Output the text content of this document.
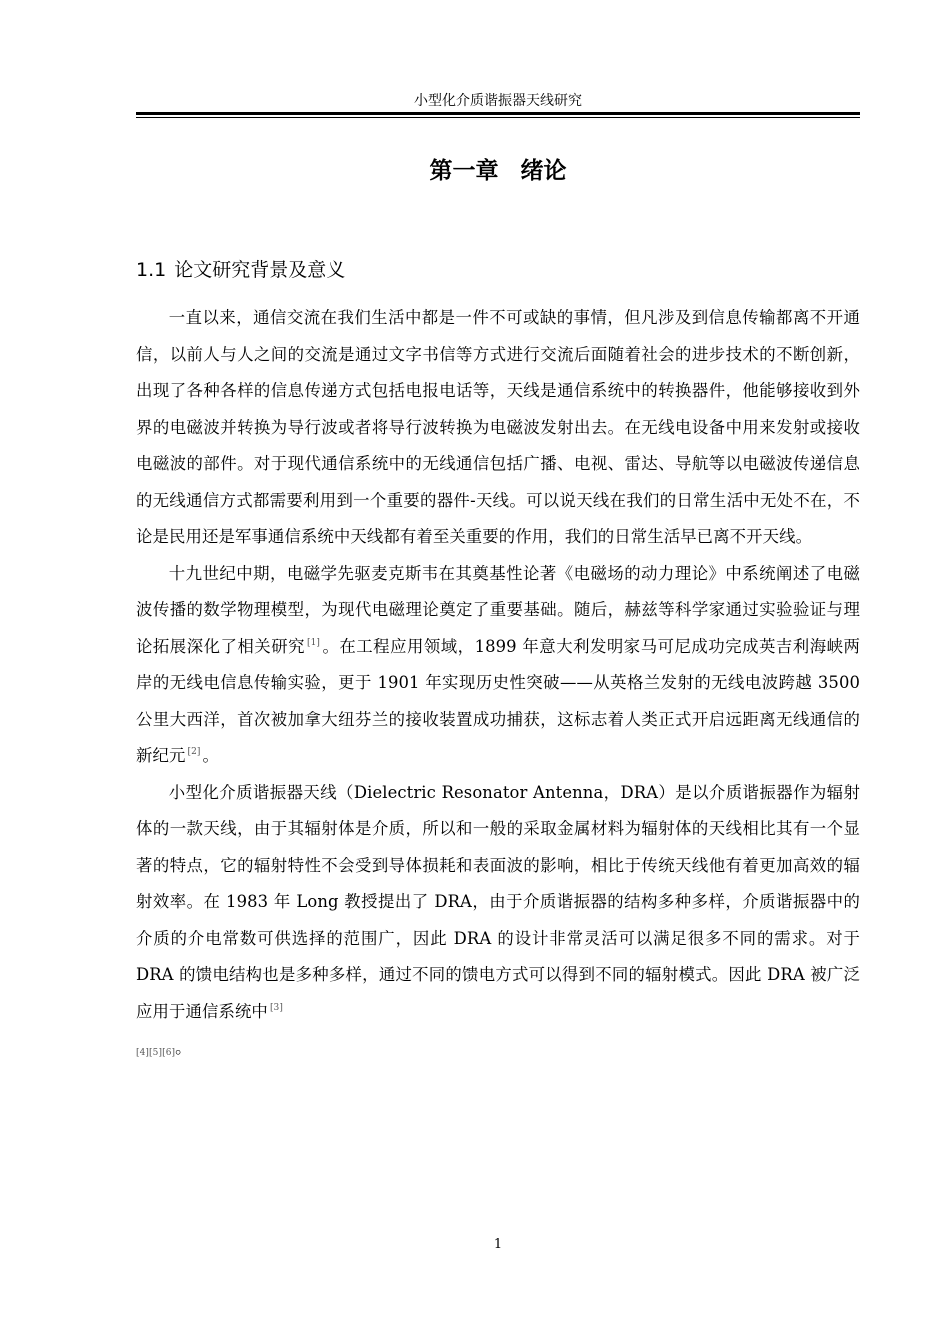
小型化介质谐振器天线研究
第一章 绪论
1.1 论文研究背景及意义

一直以来，通信交流在我们生活中都是一件不可或缺的事情，但凡涉及到信息传输都离不开通信，以前人与人之间的交流是通过文字书信等方式进行交流后面随着社会的进步技术的不断创新，出现了各种各样的信息传递方式包括电报电话等，天线是通信系统中的转换器件，他能够接收到外界的电磁波并转换为导行波或者将导行波转换为电磁波发射出去。在无线电设备中用来发射或接收电磁波的部件。对于现代通信系统中的无线通信包括广播、电视、雷达、导航等以电磁波传递信息的无线通信方式都需要利用到一个重要的器件-天线。可以说天线在我们的日常生活中无处不在，不论是民用还是军事通信系统中天线都有着至关重要的作用，我们的日常生活早已离不开天线。

十九世纪中期，电磁学先驱麦克斯韦在其奠基性论著《电磁场的动力理论》中系统阐述了电磁波传播的数学物理模型，为现代电磁理论奠定了重要基础。随后，赫兹等科学家通过实验验证与理论拓展深化了相关研究 [1] 。在工程应用领域，1899 年意大利发明家马可尼成功完成英吉利海峡两岸的无线电信息传输实验，更于 1901 年实现历史性突破——从英格兰发射的无线电波跨越 3500 公里大西洋，首次被加拿大纽芬兰的接收装置成功捕获，这标志着人类正式开启远距离无线通信的新纪元 [2] 。

小型化介质谐振器天线（Dielectric Resonator Antenna，DRA）是以介质谐振器作为辐射体的一款天线，由于其辐射体是介质，所以和一般的采取金属材料为辐射体的天线相比其有一个显著的特点，它的辐射特性不会受到导体损耗和表面波的影响，相比于传统天线他有着更加高效的辐射效率。在 1983 年 Long 教授提出了 DRA，由于介质谐振器的结构多种多样，介质谐振器中的介质的介电常数可供选择的范围广，因此 DRA 的设计非常灵活可以满足很多不同的需求。对于 DRA 的馈电结构也是多种多样，通过不同的馈电方式可以得到不同的辐射模式。因此 DRA 被广泛应用于通信系统中 [3]
$_{[4][5][6]}$。

1
